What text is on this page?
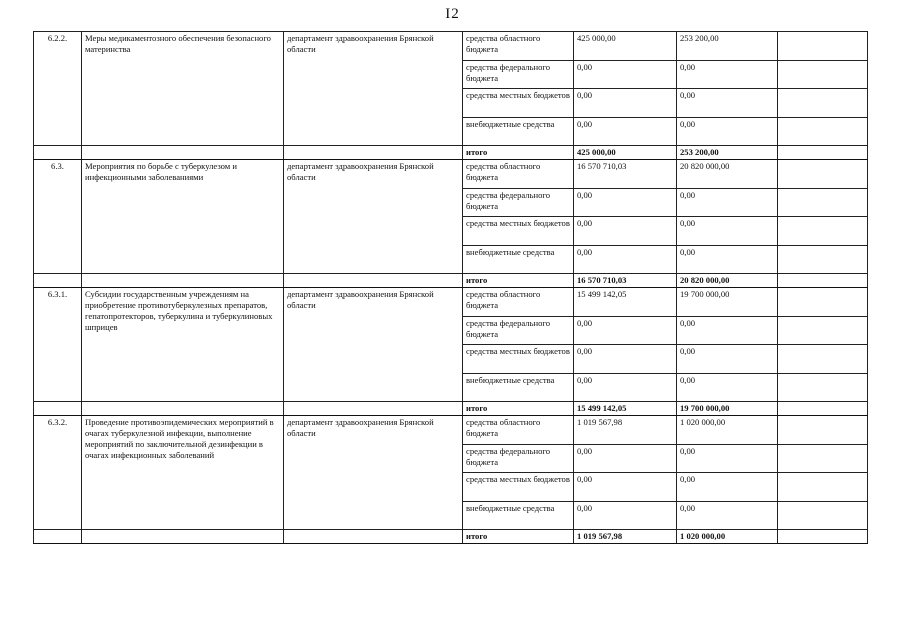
I2
6.2.2.	Меры медикаментозного обеспечения безопасного материнства	департамент здравоохранения Брянской области	средства областного бюджета	425 000,00	253 200,00	
			средства федерального бюджета	0,00	0,00	
			средства местных бюджетов	0,00	0,00	
			внебюджетные средства	0,00	0,00	
			итого	425 000,00	253 200,00	
6.3.	Мероприятия по борьбе с туберкулезом и инфекционными заболеваниями	департамент здравоохранения Брянской области	средства областного бюджета	16 570 710,03	20 820 000,00	
			средства федерального бюджета	0,00	0,00	
			средства местных бюджетов	0,00	0,00	
			внебюджетные средства	0,00	0,00	
			итого	16 570 710,03	20 820 000,00	
6.3.1.	Субсидии государственным учреждениям на приобретение противотуберкулезных препаратов, гепатопротекторов, туберкулина и туберкулиновых шприцев	департамент здравоохранения Брянской области	средства областного бюджета	15 499 142,05	19 700 000,00	
			средства федерального бюджета	0,00	0,00	
			средства местных бюджетов	0,00	0,00	
			внебюджетные средства	0,00	0,00	
			итого	15 499 142,05	19 700 000,00	
6.3.2.	Проведение противоэпидемических мероприятий в очагах туберкулезной инфекции, выполнение мероприятий по заключительной дезинфекции в очагах инфекционных заболеваний	департамент здравоохранения Брянской области	средства областного бюджета	1 019 567,98	1 020 000,00	
			средства федерального бюджета	0,00	0,00	
			средства местных бюджетов	0,00	0,00	
			внебюджетные средства	0,00	0,00	
			итого	1 019 567,98	1 020 000,00	
